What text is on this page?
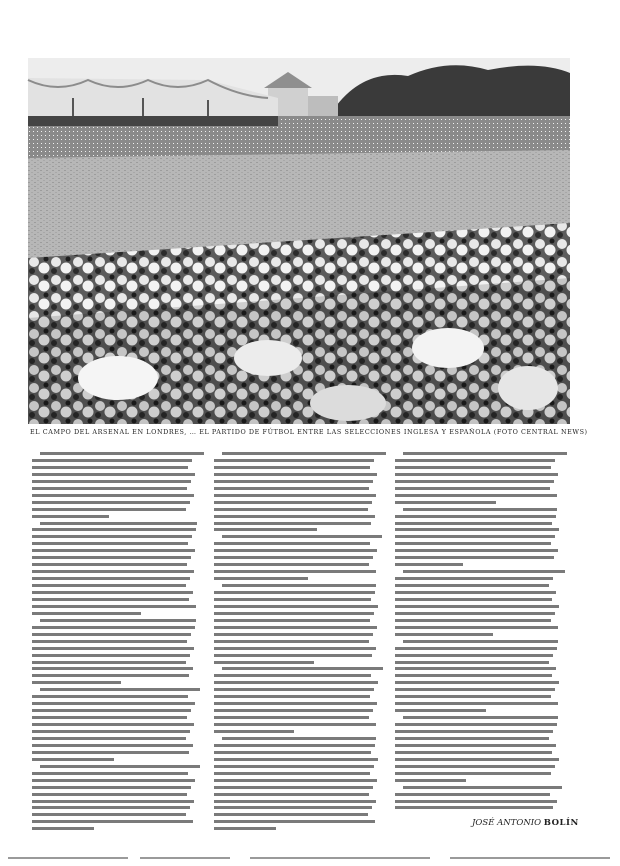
EL CAMPO DEL ARSENAL EN LONDRES, … EL PARTIDO DE FÚTBOL ENTRE LAS SELECCIONES INGLESA Y ESPAÑOLA (FOTO CENTRAL NEWS)
JOSÉ ANTONIO BOLÍN
